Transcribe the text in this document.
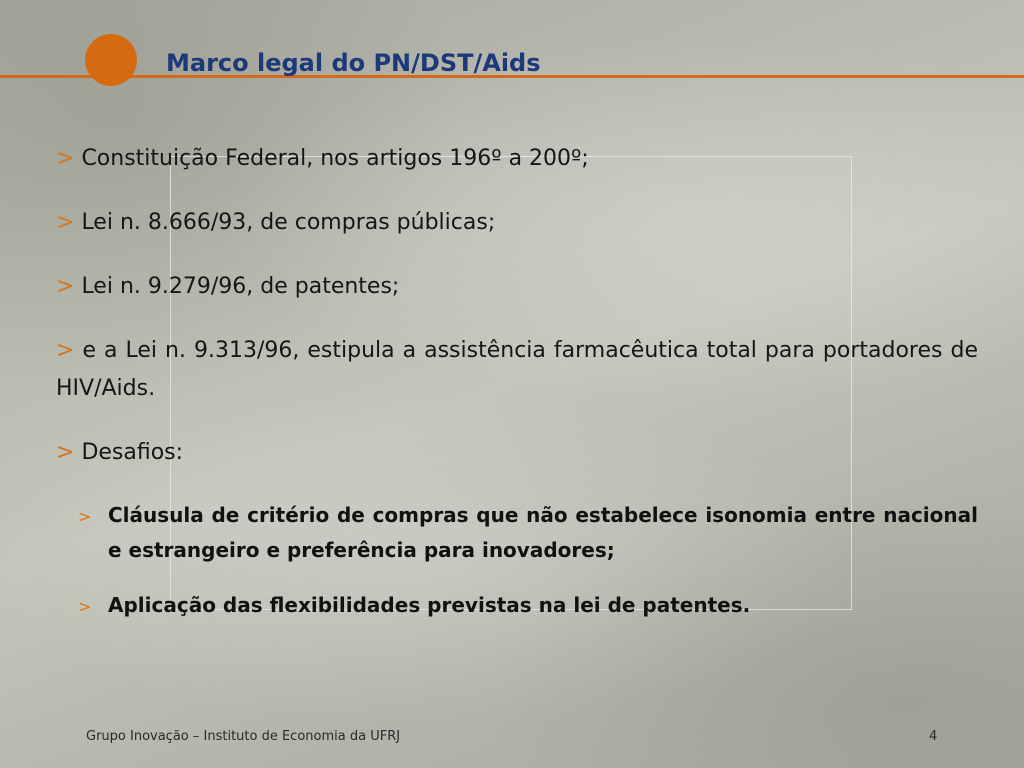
Marco legal do PN/DST/Aids

> Constituição Federal, nos artigos 196º a 200º;

> Lei n. 8.666/93, de compras públicas;

> Lei n. 9.279/96, de patentes;

> e a Lei n. 9.313/96, estipula a assistência farmacêutica total para portadores de HIV/Aids.

> Desafios:

> Cláusula de critério de compras que não estabelece isonomia entre nacional e estrangeiro e preferência para inovadores;

> Aplicação das flexibilidades previstas na lei de patentes.

Grupo Inovação – Instituto de Economia da UFRJ	4
